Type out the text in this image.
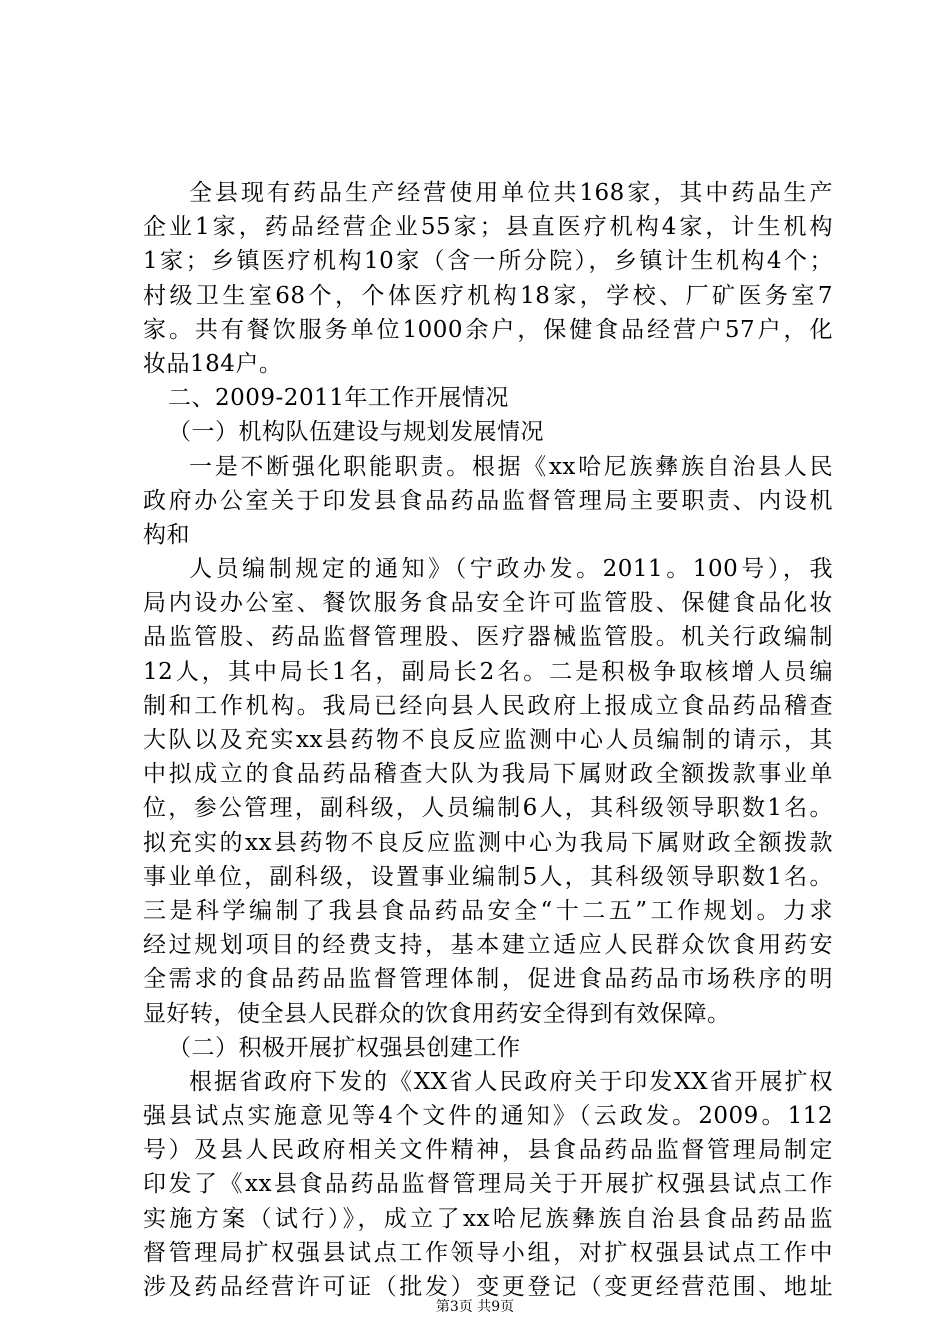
全县现有药品生产经营使用单位共168家，其中药品生产
企业1家，药品经营企业55家；县直医疗机构4家，计生机构
1家；乡镇医疗机构10家（含一所分院），乡镇计生机构4个；
村级卫生室68个，个体医疗机构18家，学校、厂矿医务室7
家。共有餐饮服务单位1000余户，保健食品经营户57户，化
妆品184户。
二、2009-2011年工作开展情况
（一）机构队伍建设与规划发展情况
一是不断强化职能职责。根据《xx哈尼族彝族自治县人民
政府办公室关于印发县食品药品监督管理局主要职责、内设机
构和
人员编制规定的通知》（宁政办发。2011。100号），我
局内设办公室、餐饮服务食品安全许可监管股、保健食品化妆
品监管股、药品监督管理股、医疗器械监管股。机关行政编制
12人，其中局长1名，副局长2名。二是积极争取核增人员编
制和工作机构。我局已经向县人民政府上报成立食品药品稽查
大队以及充实xx县药物不良反应监测中心人员编制的请示，其
中拟成立的食品药品稽查大队为我局下属财政全额拨款事业单
位，参公管理，副科级，人员编制6人，其科级领导职数1名。
拟充实的xx县药物不良反应监测中心为我局下属财政全额拨款
事业单位，副科级，设置事业编制5人，其科级领导职数1名。
三是科学编制了我县食品药品安全“十二五”工作规划。力求
经过规划项目的经费支持，基本建立适应人民群众饮食用药安
全需求的食品药品监督管理体制，促进食品药品市场秩序的明
显好转，使全县人民群众的饮食用药安全得到有效保障。
（二）积极开展扩权强县创建工作
根据省政府下发的《XX省人民政府关于印发XX省开展扩权
强县试点实施意见等4个文件的通知》（云政发。2009。112
号）及县人民政府相关文件精神，县食品药品监督管理局制定
印发了《xx县食品药品监督管理局关于开展扩权强县试点工作
实施方案（试行）》，成立了xx哈尼族彝族自治县食品药品监
督管理局扩权强县试点工作领导小组，对扩权强县试点工作中
涉及药品经营许可证（批发）变更登记（变更经营范围、地址
第3页 共9页
